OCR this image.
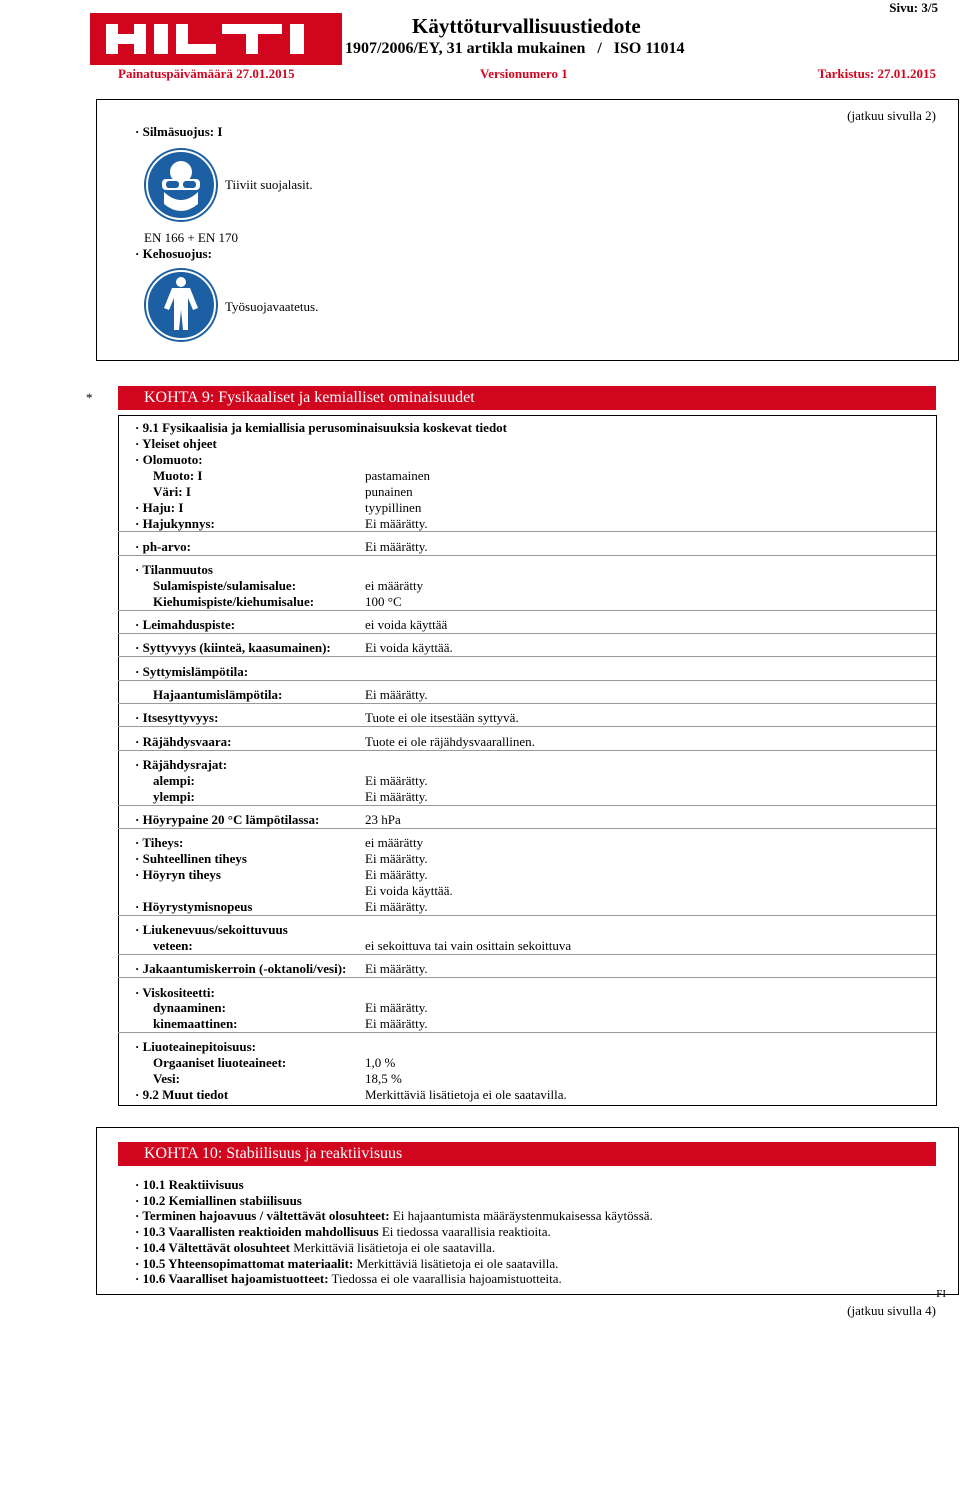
Käyttöturvallisuustiedote
1907/2006/EY, 31 artikla mukainen   /   ISO 11014
Sivu: 3/5
Painatuspäivämäärä 27.01.2015	Versionumero 1	Tarkistus: 27.01.2015
(jatkuu sivulla 2)
· Silmäsuojus: I
Tiiviit suojalasit.
EN 166 + EN 170
· Kehosuojus:
Työsuojavaatetus.
*	KOHTA 9: Fysikaaliset ja kemialliset ominaisuudet
· 9.1 Fysikaalisia ja kemiallisia perusominaisuuksia koskevat tiedot
· Yleiset ohjeet
· Olomuoto:
Muoto: I	pastamainen
Väri: I	punainen
· Haju: I	tyypillinen
· Hajukynnys:	Ei määrätty.
· ph-arvo:	Ei määrätty.
· Tilanmuutos
Sulamispiste/sulamisalue:	ei määrätty
Kiehumispiste/kiehumisalue:	100 °C
· Leimahduspiste:	ei voida käyttää
· Syttyvyys (kiinteä, kaasumainen):	Ei voida käyttää.
· Syttymislämpötila:
Hajaantumislämpötila:	Ei määrätty.
· Itsesyttyvyys:	Tuote ei ole itsestään syttyvä.
· Räjähdysvaara:	Tuote ei ole räjähdysvaarallinen.
· Räjähdysrajat:
alempi:	Ei määrätty.
ylempi:	Ei määrätty.
· Höyrypaine 20 °C lämpötilassa:	23 hPa
· Tiheys:	ei määrätty
· Suhteellinen tiheys	Ei määrätty.
· Höyryn tiheys	Ei määrätty.
Ei voida käyttää.
· Höyrystymisnopeus	Ei määrätty.
· Liukenevuus/sekoittuvuus
veteen:	ei sekoittuva tai vain osittain sekoittuva
· Jakaantumiskerroin (-oktanoli/vesi): Ei määrätty.
· Viskositeetti:
dynaaminen:	Ei määrätty.
kinemaattinen:	Ei määrätty.
· Liuoteainepitoisuus:
Orgaaniset liuoteaineet:	1,0 %
Vesi:	18,5 %
· 9.2 Muut tiedot	Merkittäviä lisätietoja ei ole saatavilla.
KOHTA 10: Stabiilisuus ja reaktiivisuus
· 10.1 Reaktiivisuus
· 10.2 Kemiallinen stabiilisuus
· Terminen hajoavuus / vältettävät olosuhteet: Ei hajaantumista määräystenmukaisessa käytössä.
· 10.3 Vaarallisten reaktioiden mahdollisuus Ei tiedossa vaarallisia reaktioita.
· 10.4 Vältettävät olosuhteet Merkittäviä lisätietoja ei ole saatavilla.
· 10.5 Yhteensopimattomat materiaalit: Merkittäviä lisätietoja ei ole saatavilla.
· 10.6 Vaaralliset hajoamistuotteet: Tiedossa ei ole vaarallisia hajoamistuotteita.
FI
(jatkuu sivulla 4)
